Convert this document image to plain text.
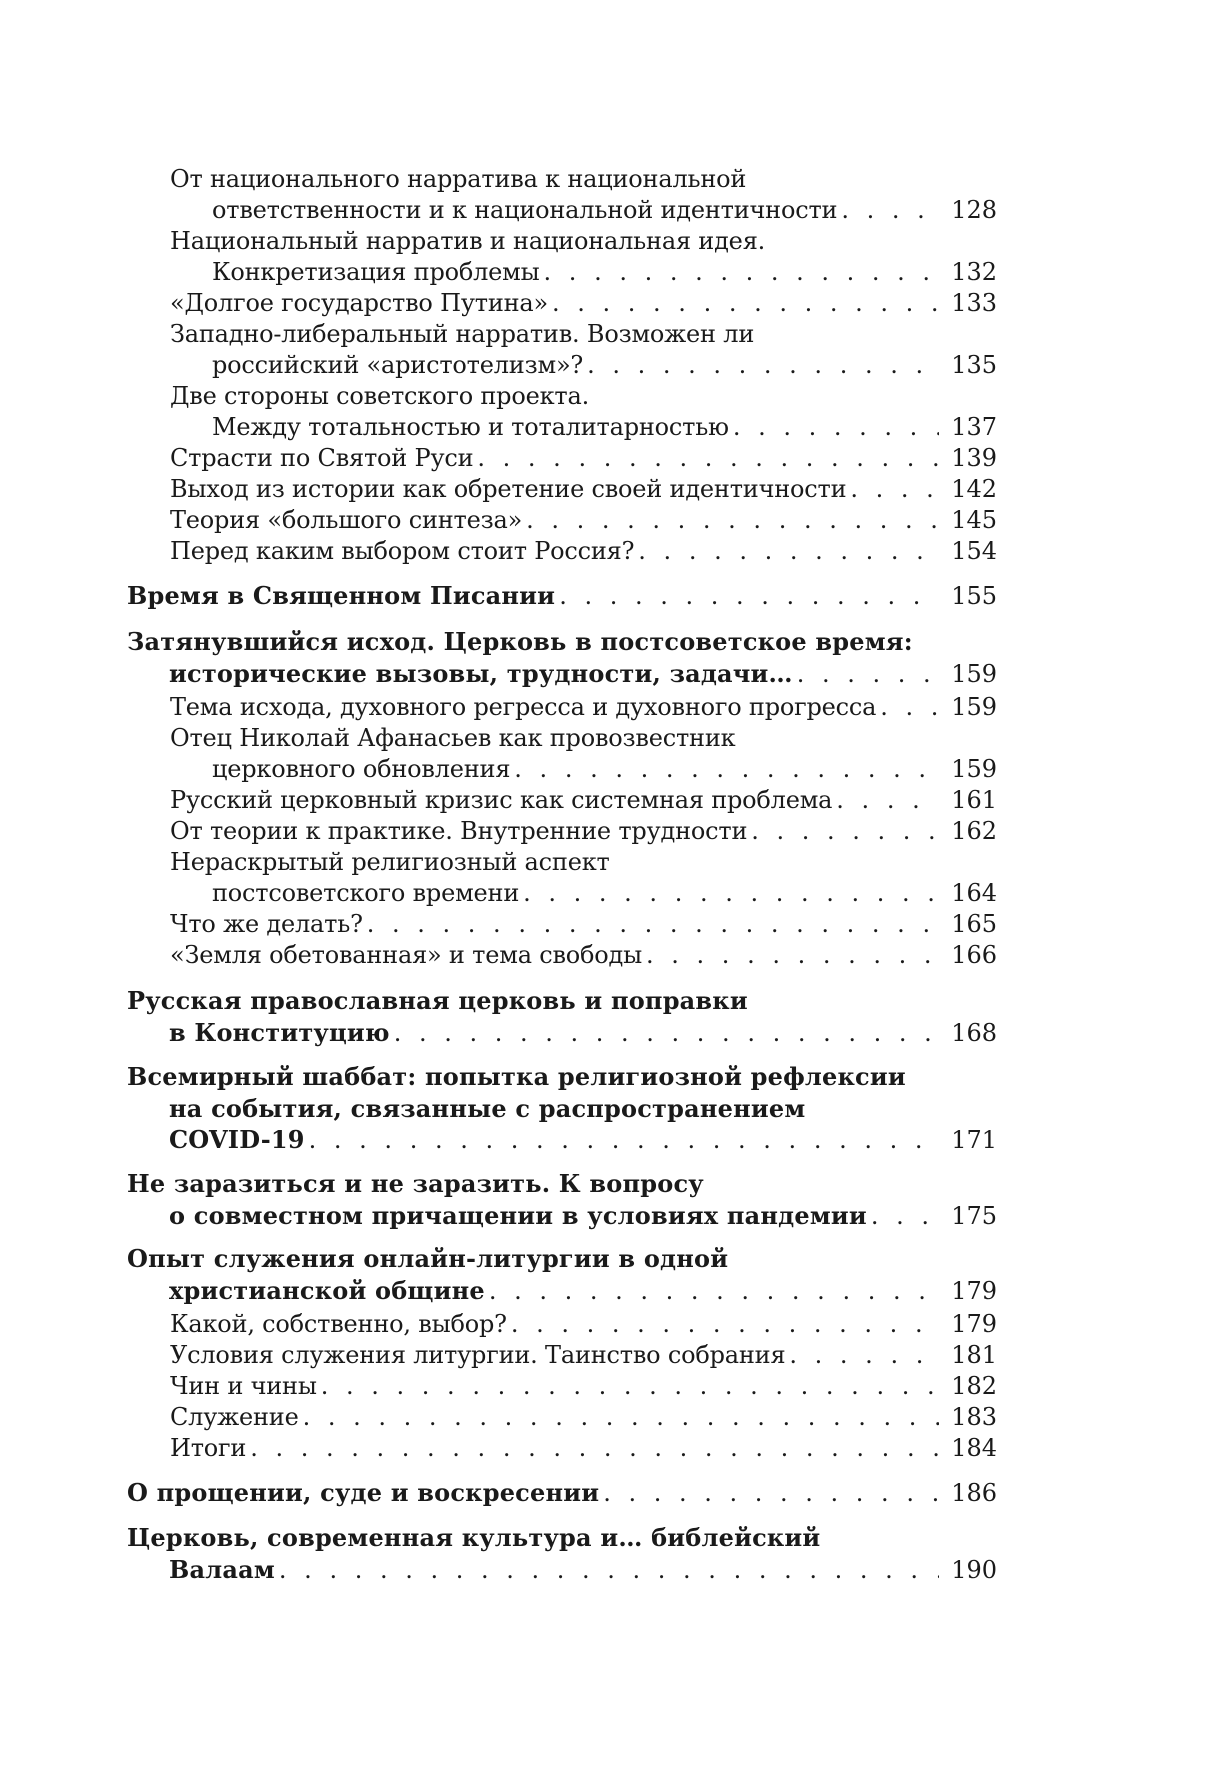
От национального нарратива к национальной
ответственности и к национальной идентичности . . .	128
Национальный нарратив и национальная идея.
Конкретизация проблемы . . .	132
«Долгое государство Путина» . . .	133
Западно-либеральный нарратив. Возможен ли
российский «аристотелизм»? . . .	135
Две стороны советского проекта.
Между тотальностью и тоталитарностью . . .	137
Страсти по Святой Руси . . .	139
Выход из истории как обретение своей идентичности . . .	142
Теория «большого синтеза» . . .	145
Перед каким выбором стоит Россия? . . .	154
Время в Священном Писании . . .	155
Затянувшийся исход. Церковь в постсоветское время:
исторические вызовы, трудности, задачи… . . .	159
Тема исхода, духовного регресса и духовного прогресса . . .	159
Отец Николай Афанасьев как провозвестник
церковного обновления . . .	159
Русский церковный кризис как системная проблема . . .	161
От теории к практике. Внутренние трудности . . .	162
Нераскрытый религиозный аспект
постсоветского времени . . .	164
Что же делать? . . .	165
«Земля обетованная» и тема свободы . . .	166
Русская православная церковь и поправки
в Конституцию . . .	168
Всемирный шаббат: попытка религиозной рефлексии
на события, связанные с распространением
COVID-19 . . .	171
Не заразиться и не заразить. К вопросу
о совместном причащении в условиях пандемии . . .	175
Опыт служения онлайн-литургии в одной
христианской общине . . .	179
Какой, собственно, выбор? . . .	179
Условия служения литургии. Таинство собрания . . .	181
Чин и чины . . .	182
Служение . . .	183
Итоги . . .	184
О прощении, суде и воскресении . . .	186
Церковь, современная культура и… библейский
Валаам . . .	190
